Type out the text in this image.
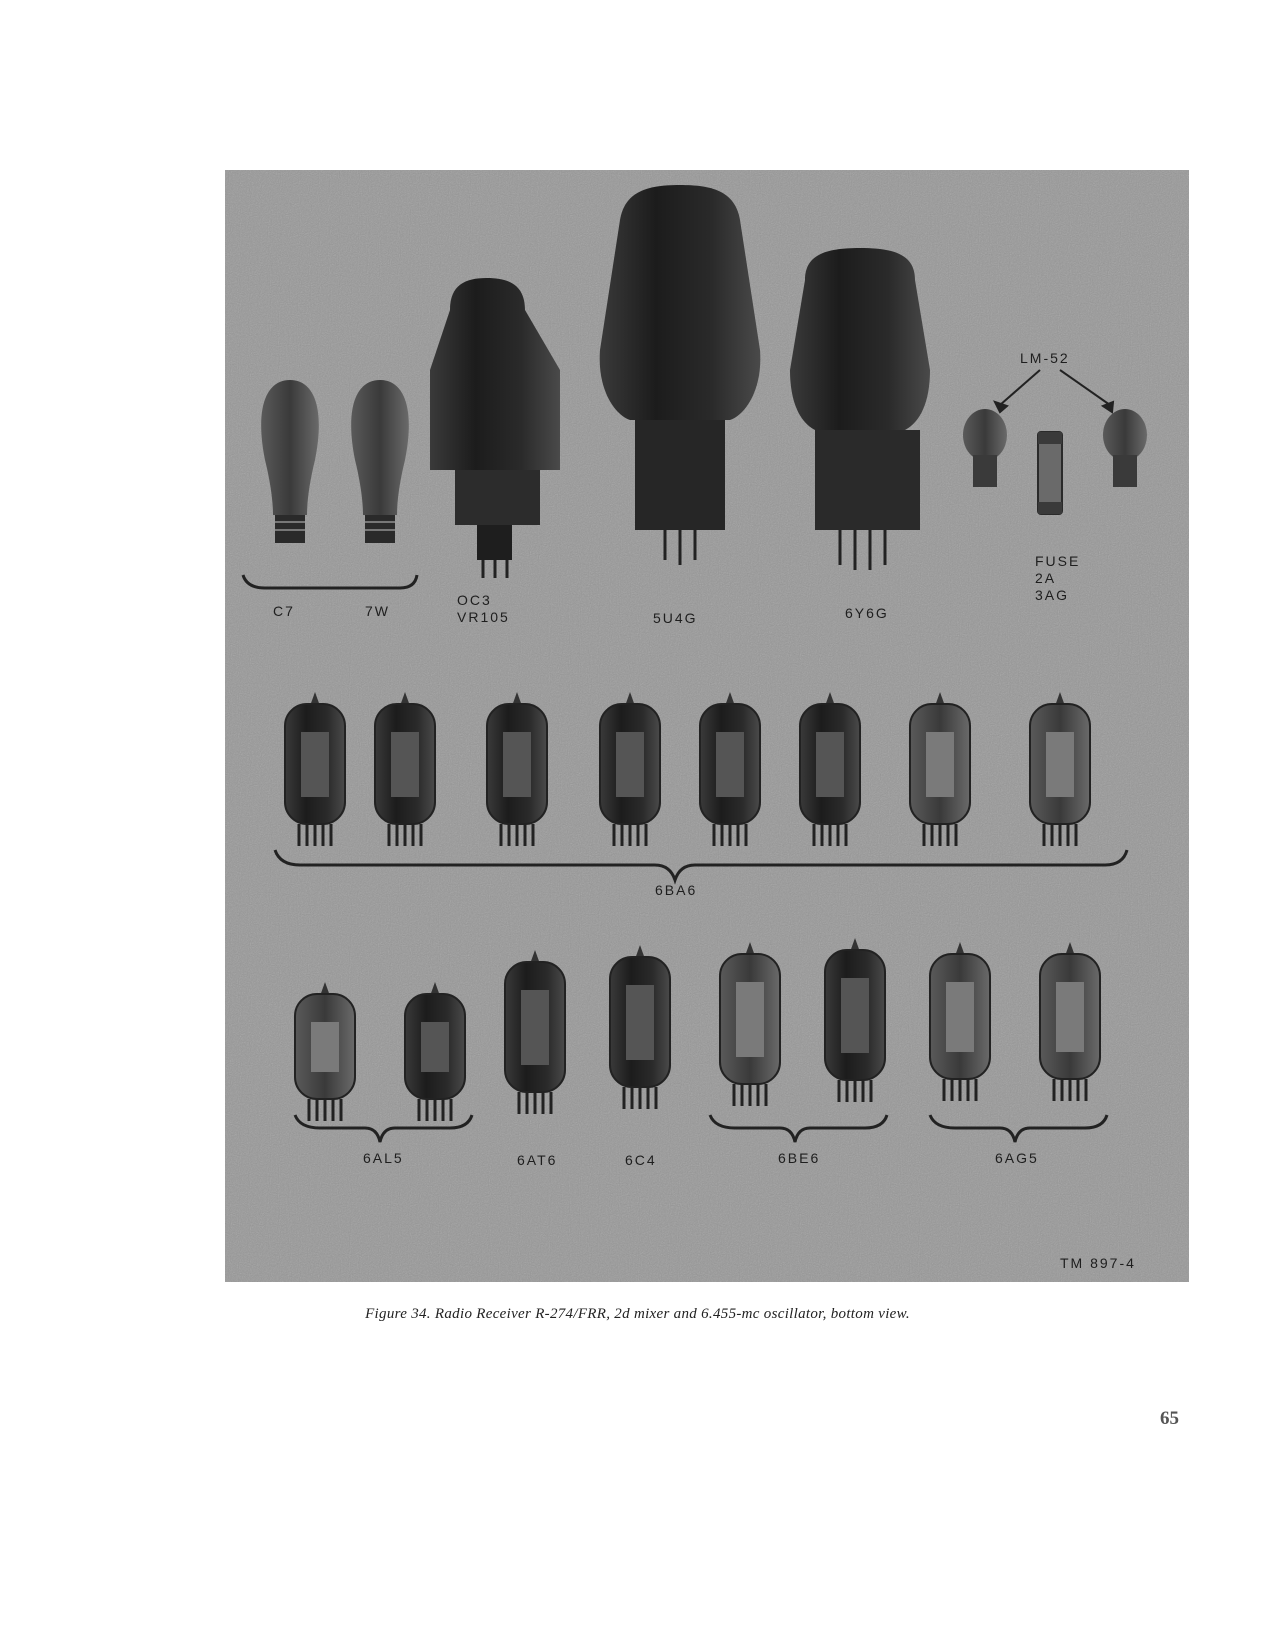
C7	7W
OC3
VR105	5U4G	6Y6G
LM-52
FUSE
2A
3AG
6BA6
6AL5	6AT6	6C4	6BE6	6AG5
TM 897-4
Figure 34. Radio Receiver R-274/FRR, 2d mixer and 6.455-mc oscillator, bottom view.
65
